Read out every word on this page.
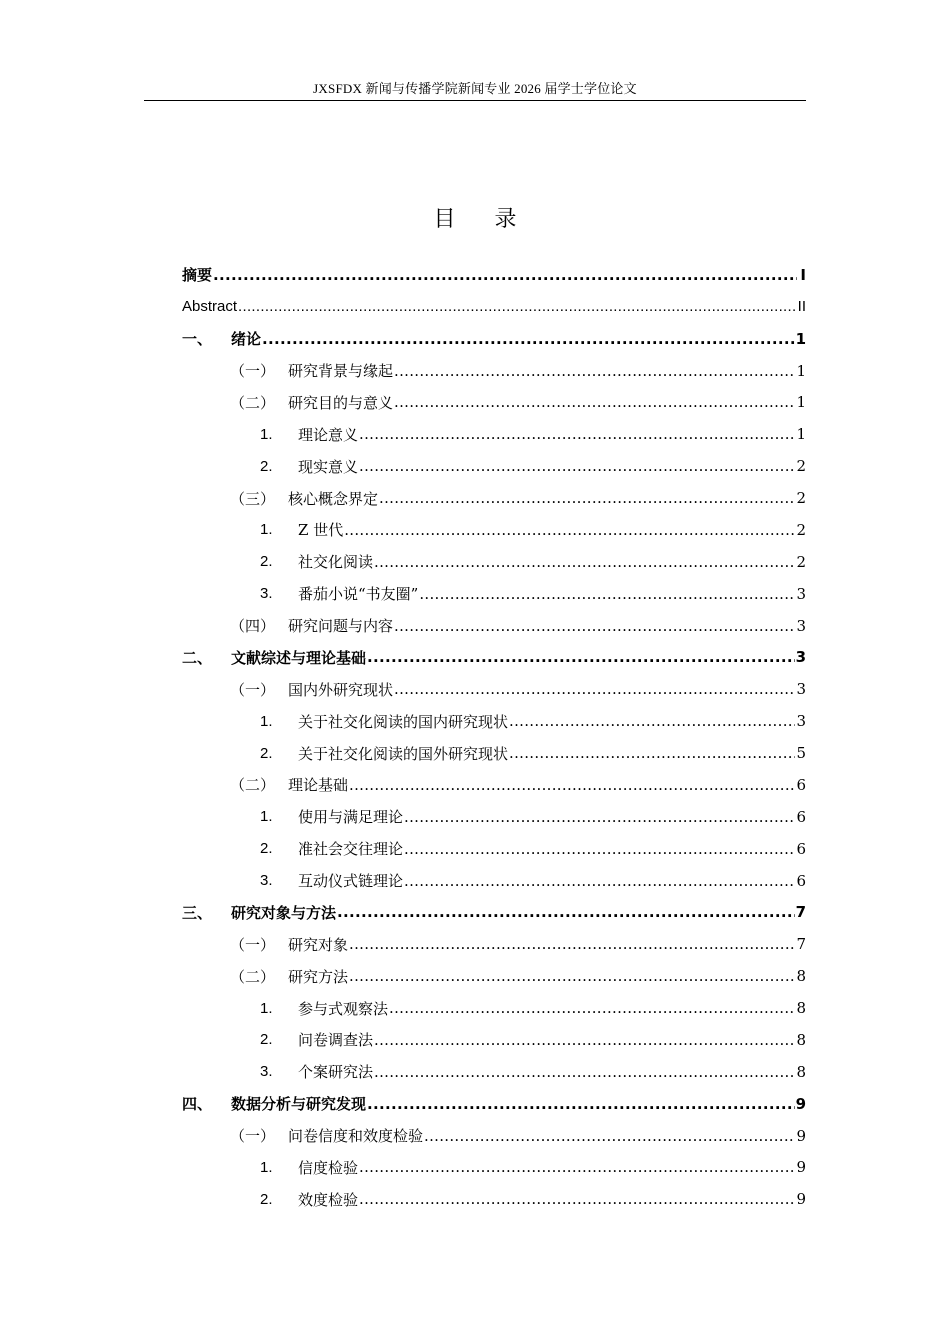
JXSFDX 新闻与传播学院新闻专业 2026 届学士学位论文
目 录
摘要 .....	I
Abstract .....	II
一、	绪论 .....	1
（一） 研究背景与缘起 .....	1
（二） 研究目的与意义 .....	1
1.	理论意义 .....	1
2.	现实意义 .....	2
（三） 核心概念界定 .....	2
1.	Z 世代 .....	2
2.	社交化阅读 .....	2
3.	番茄小说“书友圈” .....	3
（四） 研究问题与内容 .....	3
二、	文献综述与理论基础 .....	3
（一） 国内外研究现状 .....	3
1.	关于社交化阅读的国内研究现状 .....	3
2.	关于社交化阅读的国外研究现状 .....	5
（二） 理论基础 .....	6
1.	使用与满足理论 .....	6
2.	准社会交往理论 .....	6
3.	互动仪式链理论 .....	6
三、	研究对象与方法 .....	7
（一） 研究对象 .....	7
（二） 研究方法 .....	8
1.	参与式观察法 .....	8
2.	问卷调查法 .....	8
3.	个案研究法 .....	8
四、	数据分析与研究发现 .....	9
（一） 问卷信度和效度检验 .....	9
1.	信度检验 .....	9
2.	效度检验 .....	9
